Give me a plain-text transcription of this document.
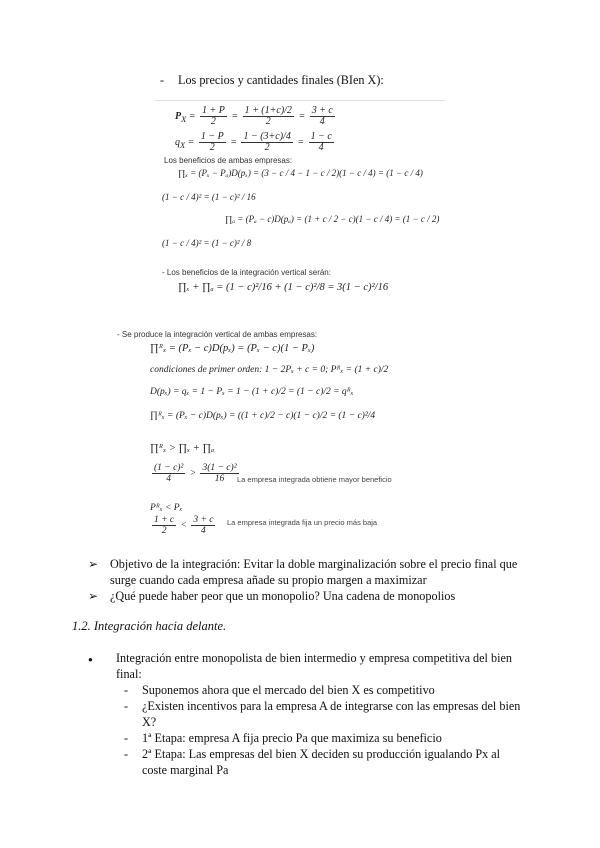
- Los precios y cantidades finales (BIen X):
$P_X = \frac{1 + P}{2} = \frac{1 + (1+c)/2}{2} = \frac{3 + c}{4}$
$q_X = \frac{1 - P}{2} = \frac{1 - (3+c)/4}{2} = \frac{1 - c}{4}$
Los beneficios de ambas empresas:
∏ₓ = (Pₓ − Pₐ)D(pₓ) = (3 − c / 4 − 1 − c / 2)(1 − c / 4) = (1 − c / 4)
(1 − c / 4)² = (1 − c)² / 16
∏ₐ = (Pₐ − c)D(pₐ) = (1 + c / 2 − c)(1 − c / 4) = (1 − c / 2)
(1 − c / 4)² = (1 − c)² / 8
- Los beneficios de la integración vertical serán:
∏ₓ + ∏ₐ = (1 − c)²/16 + (1 − c)²/8 = 3(1 − c)²/16
- Se produce la integración vertical de ambas empresas:
∏ᴿₓ = (Pₓ − c)D(pₓ) = (Pₓ − c)(1 − Pₓ)
condiciones de primer orden: 1 − 2Pₓ + c = 0; Pᴿₓ = (1 + c)/2
D(pₓ) = qₓ = 1 − Pₓ = 1 − (1 + c)/2 = (1 − c)/2 = qᴿₓ
∏ᴿₓ = (Pₓ − c)D(pₓ) = ((1 + c)/2 − c)(1 − c)/2 = (1 − c)²/4
∏ᴿₓ > ∏ₓ + ∏ₐ
$\frac{\text{(1 − c)²}}{4} > \frac{\text{3(1 − c)²}}{16}$
La empresa integrada obtiene mayor beneficio
Pᴿₓ < Pₓ
$\frac{1 + c}{2} < \frac{3 + c}{4}$ La empresa integrada fija un precio más baja
➢ Objetivo de la integración: Evitar la doble marginalización sobre el precio final que
surge cuando cada empresa añade su propio margen a maximizar
➢ ¿Qué puede haber peor que un monopolio? Una cadena de monopolios
1.2. Integración hacia delante.
● Integración entre monopolista de bien intermedio y empresa competitiva del bien
final:
- Suponemos ahora que el mercado del bien X es competitivo
- ¿Existen incentivos para la empresa A de integrarse con las empresas del bien
X?
- 1ª Etapa: empresa A fija precio Pa que maximiza su beneficio
- 2ª Etapa: Las empresas del bien X deciden su producción igualando Px al
coste marginal Pa
